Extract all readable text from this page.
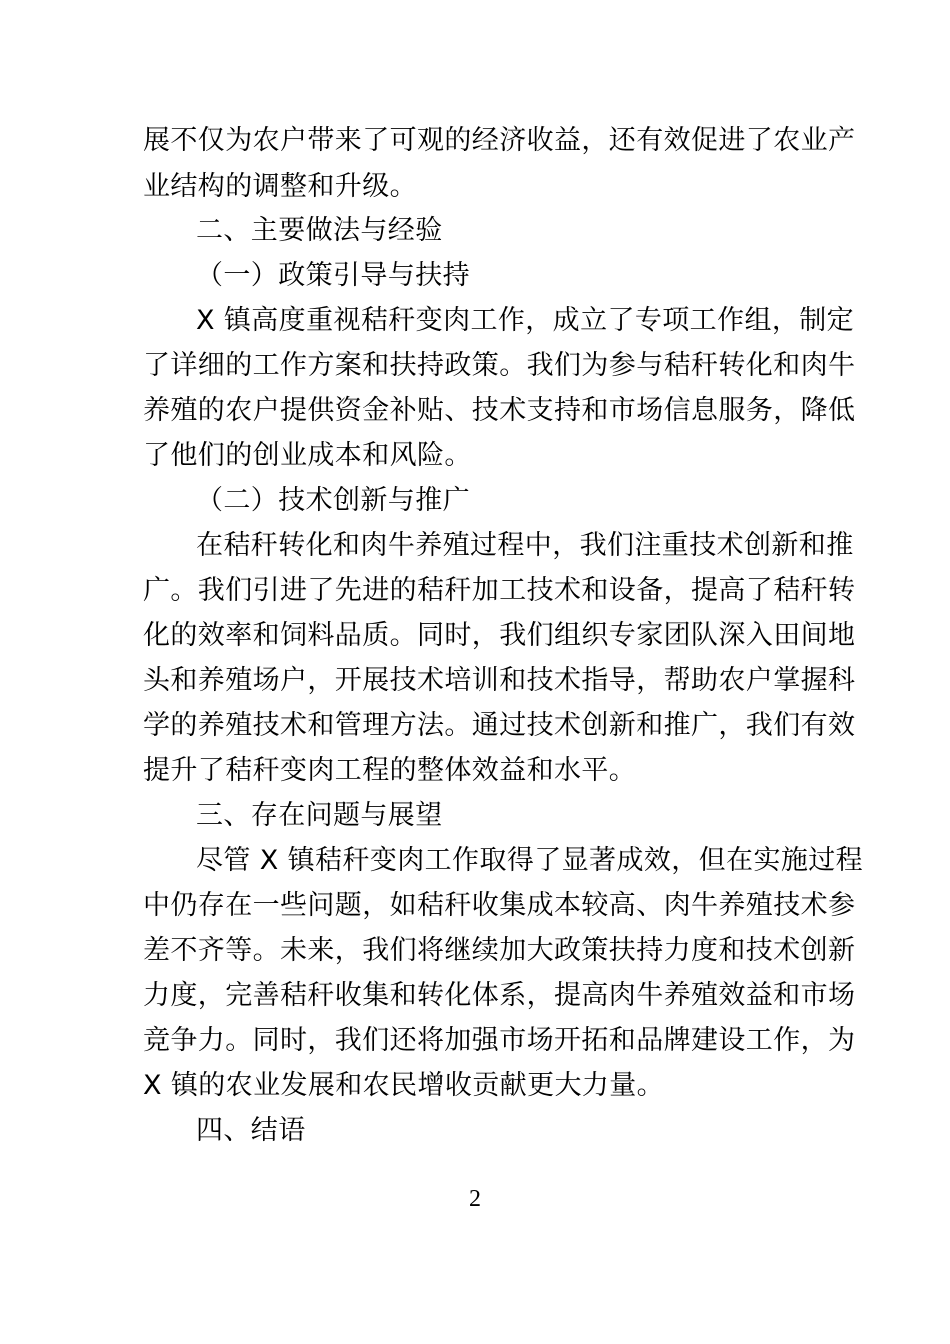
展不仅为农户带来了可观的经济收益，还有效促进了农业产
业结构的调整和升级。
二、主要做法与经验
（一）政策引导与扶持
X 镇高度重视秸秆变肉工作，成立了专项工作组，制定
了详细的工作方案和扶持政策。我们为参与秸秆转化和肉牛
养殖的农户提供资金补贴、技术支持和市场信息服务，降低
了他们的创业成本和风险。
（二）技术创新与推广
在秸秆转化和肉牛养殖过程中，我们注重技术创新和推
广。我们引进了先进的秸秆加工技术和设备，提高了秸秆转
化的效率和饲料品质。同时，我们组织专家团队深入田间地
头和养殖场户，开展技术培训和技术指导，帮助农户掌握科
学的养殖技术和管理方法。通过技术创新和推广，我们有效
提升了秸秆变肉工程的整体效益和水平。
三、存在问题与展望
尽管 X 镇秸秆变肉工作取得了显著成效，但在实施过程
中仍存在一些问题，如秸秆收集成本较高、肉牛养殖技术参
差不齐等。未来，我们将继续加大政策扶持力度和技术创新
力度，完善秸秆收集和转化体系，提高肉牛养殖效益和市场
竞争力。同时，我们还将加强市场开拓和品牌建设工作，为
X 镇的农业发展和农民增收贡献更大力量。
四、结语
2
